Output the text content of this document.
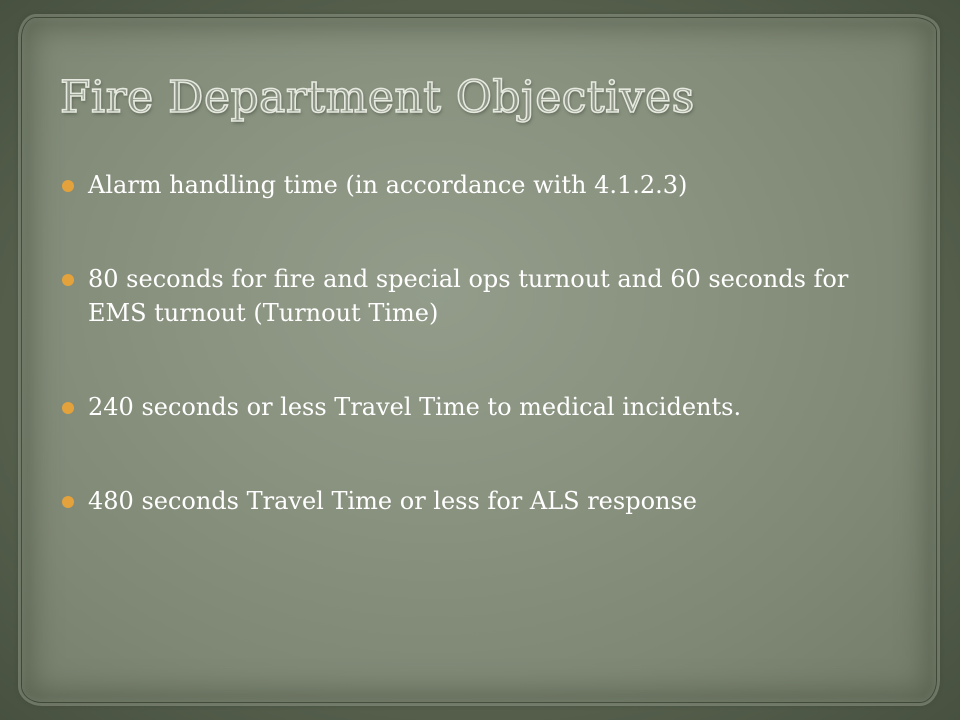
Fire Department Objectives
Alarm handling time (in accordance with 4.1.2.3)
80 seconds for fire and special ops turnout and 60 seconds for EMS turnout (Turnout Time)
240 seconds or less Travel Time to medical incidents.
480 seconds Travel Time or less for ALS response
